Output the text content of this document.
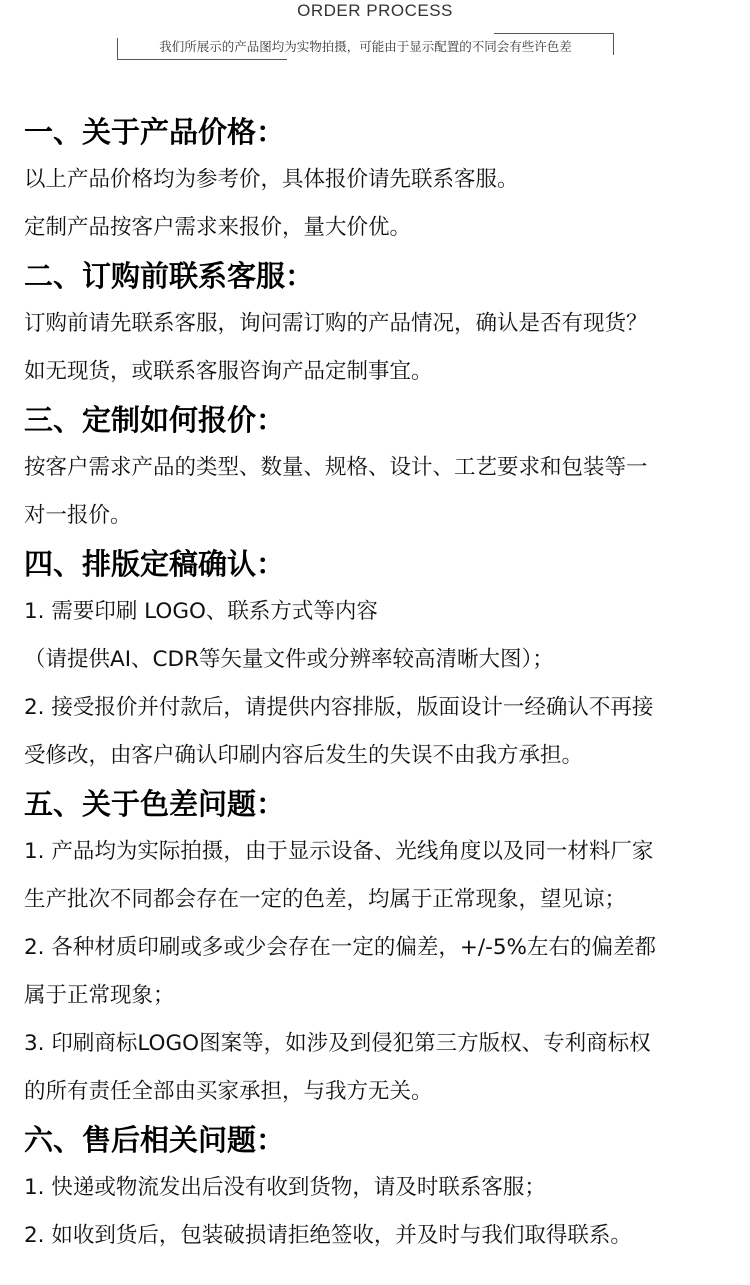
ORDER PROCESS
我们所展示的产品图均为实物拍摄，可能由于显示配置的不同会有些许色差
一、关于产品价格：

以上产品价格均为参考价，具体报价请先联系客服。

定制产品按客户需求来报价，量大价优。

二、订购前联系客服：

订购前请先联系客服，询问需订购的产品情况，确认是否有现货？

如无现货，或联系客服咨询产品定制事宜。

三、定制如何报价：

按客户需求产品的类型、数量、规格、设计、工艺要求和包装等一

对一报价。

四、排版定稿确认：

1. 需要印刷 LOGO、联系方式等内容

（请提供AI、CDR等矢量文件或分辨率较高清晰大图）；

2. 接受报价并付款后，请提供内容排版，版面设计一经确认不再接

受修改，由客户确认印刷内容后发生的失误不由我方承担。

五、关于色差问题：

1. 产品均为实际拍摄，由于显示设备、光线角度以及同一材料厂家

生产批次不同都会存在一定的色差，均属于正常现象，望见谅；

2. 各种材质印刷或多或少会存在一定的偏差，+/-5%左右的偏差都

属于正常现象；

3. 印刷商标LOGO图案等，如涉及到侵犯第三方版权、专利商标权

的所有责任全部由买家承担，与我方无关。

六、售后相关问题：

1. 快递或物流发出后没有收到货物，请及时联系客服；

2. 如收到货后，包装破损请拒绝签收，并及时与我们取得联系。
